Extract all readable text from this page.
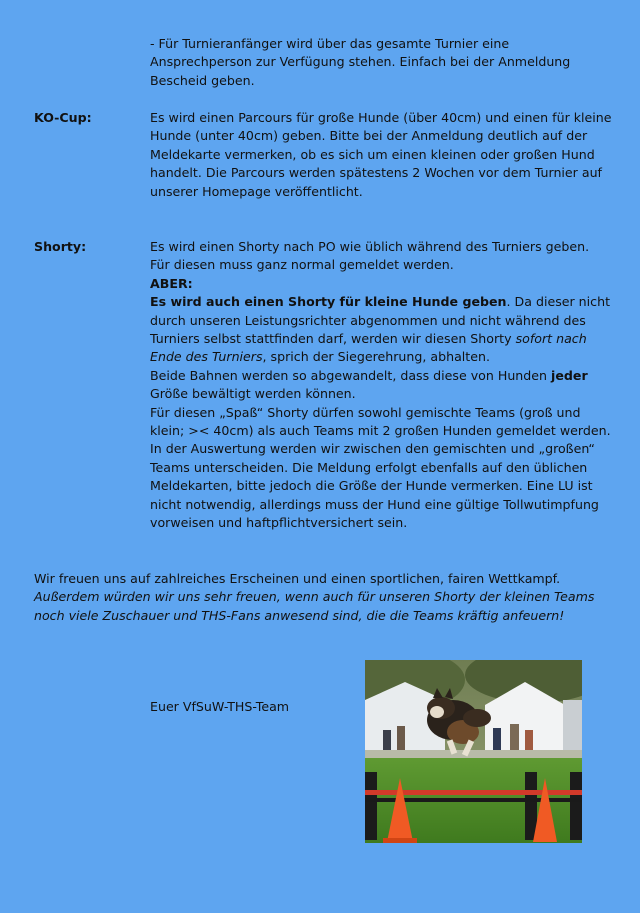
- Für Turnieranfänger wird über das gesamte Turnier eine Ansprechperson zur Verfügung stehen. Einfach bei der Anmeldung Bescheid geben.

KO-Cup:	Es wird einen Parcours für große Hunde (über 40cm) und einen für kleine Hunde (unter 40cm) geben. Bitte bei der Anmeldung deutlich auf der Meldekarte vermerken, ob es sich um einen kleinen oder großen Hund handelt. Die Parcours werden spätestens 2 Wochen vor dem Turnier auf unserer Homepage veröffentlicht.

Shorty:	Es wird einen Shorty nach PO wie üblich während des Turniers geben. Für diesen muss ganz normal gemeldet werden.

ABER:

Es wird auch einen Shorty für kleine Hunde geben. Da dieser nicht durch unseren Leistungsrichter abgenommen und nicht während des Turniers selbst stattfinden darf, werden wir diesen Shorty sofort nach Ende des Turniers, sprich der Siegerehrung, abhalten.

Beide Bahnen werden so abgewandelt, dass diese von Hunden jeder Größe bewältigt werden können.

Für diesen „Spaß“ Shorty dürfen sowohl gemischte Teams (groß und klein; >< 40cm) als auch Teams mit 2 großen Hunden gemeldet werden. In der Auswertung werden wir zwischen den gemischten und „großen“ Teams unterscheiden. Die Meldung erfolgt ebenfalls auf den üblichen Meldekarten, bitte jedoch die Größe der Hunde vermerken. Eine LU ist nicht notwendig, allerdings muss der Hund eine gültige Tollwutimpfung vorweisen und haftpflichtversichert sein.

Wir freuen uns auf zahlreiches Erscheinen und einen sportlichen, fairen Wettkampf.

Außerdem würden wir uns sehr freuen, wenn auch für unseren Shorty der kleinen Teams noch viele Zuschauer und THS-Fans anwesend sind, die die Teams kräftig anfeuern!

Euer VfSuW-THS-Team
